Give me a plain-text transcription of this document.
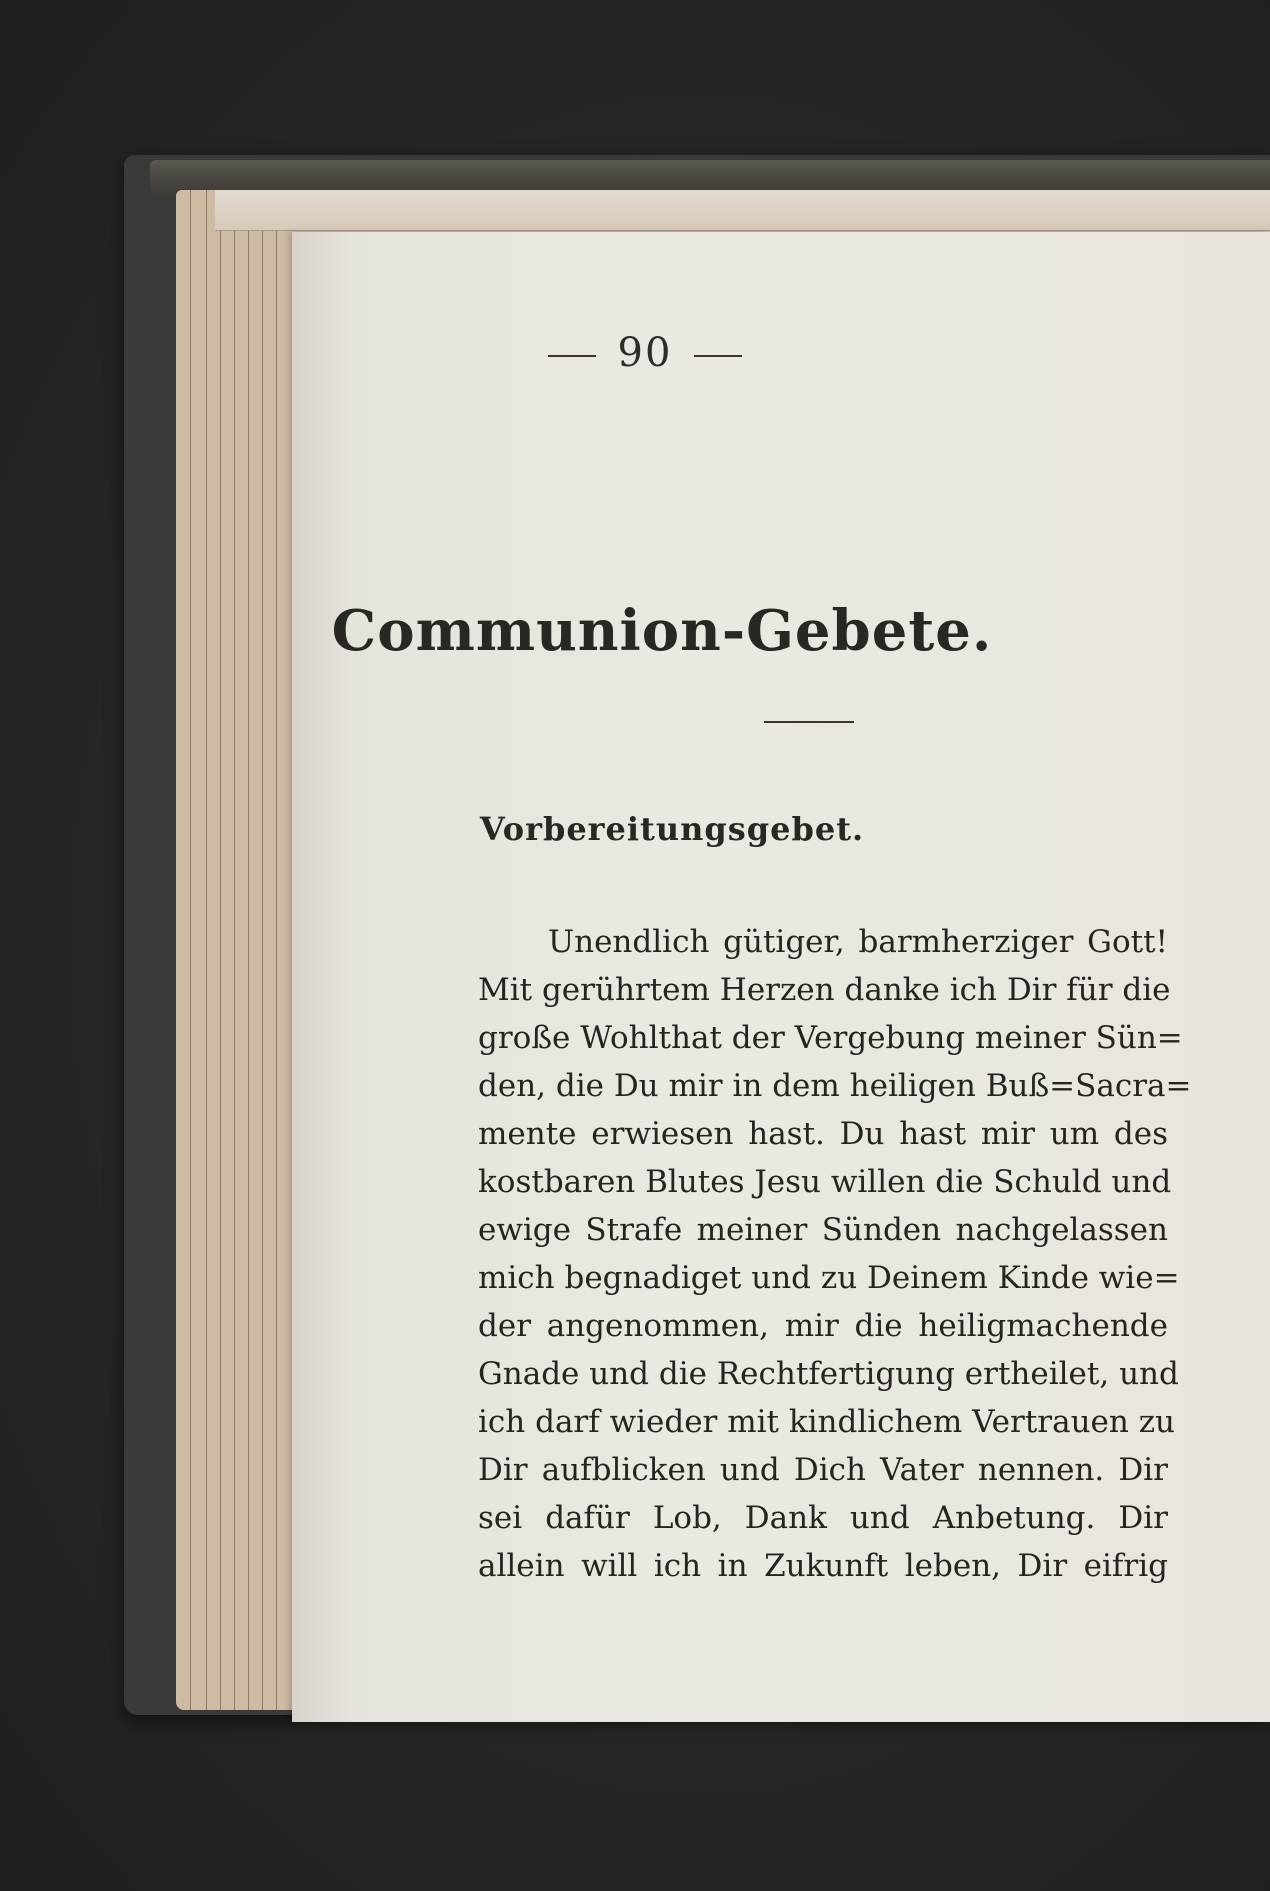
90
Communion-Gebete.
Vorbereitungsgebet.
Unendlich gütiger, barmherziger Gott!
Mit gerührtem Herzen danke ich Dir für die
große Wohlthat der Vergebung meiner Sün=
den, die Du mir in dem heiligen Buß=Sacra=
mente erwiesen hast. Du hast mir um des
kostbaren Blutes Jesu willen die Schuld und
ewige Strafe meiner Sünden nachgelassen
mich begnadiget und zu Deinem Kinde wie=
der angenommen, mir die heiligmachende
Gnade und die Rechtfertigung ertheilet, und
ich darf wieder mit kindlichem Vertrauen zu
Dir aufblicken und Dich Vater nennen. Dir
sei dafür Lob, Dank und Anbetung. Dir
allein will ich in Zukunft leben, Dir eifrig
